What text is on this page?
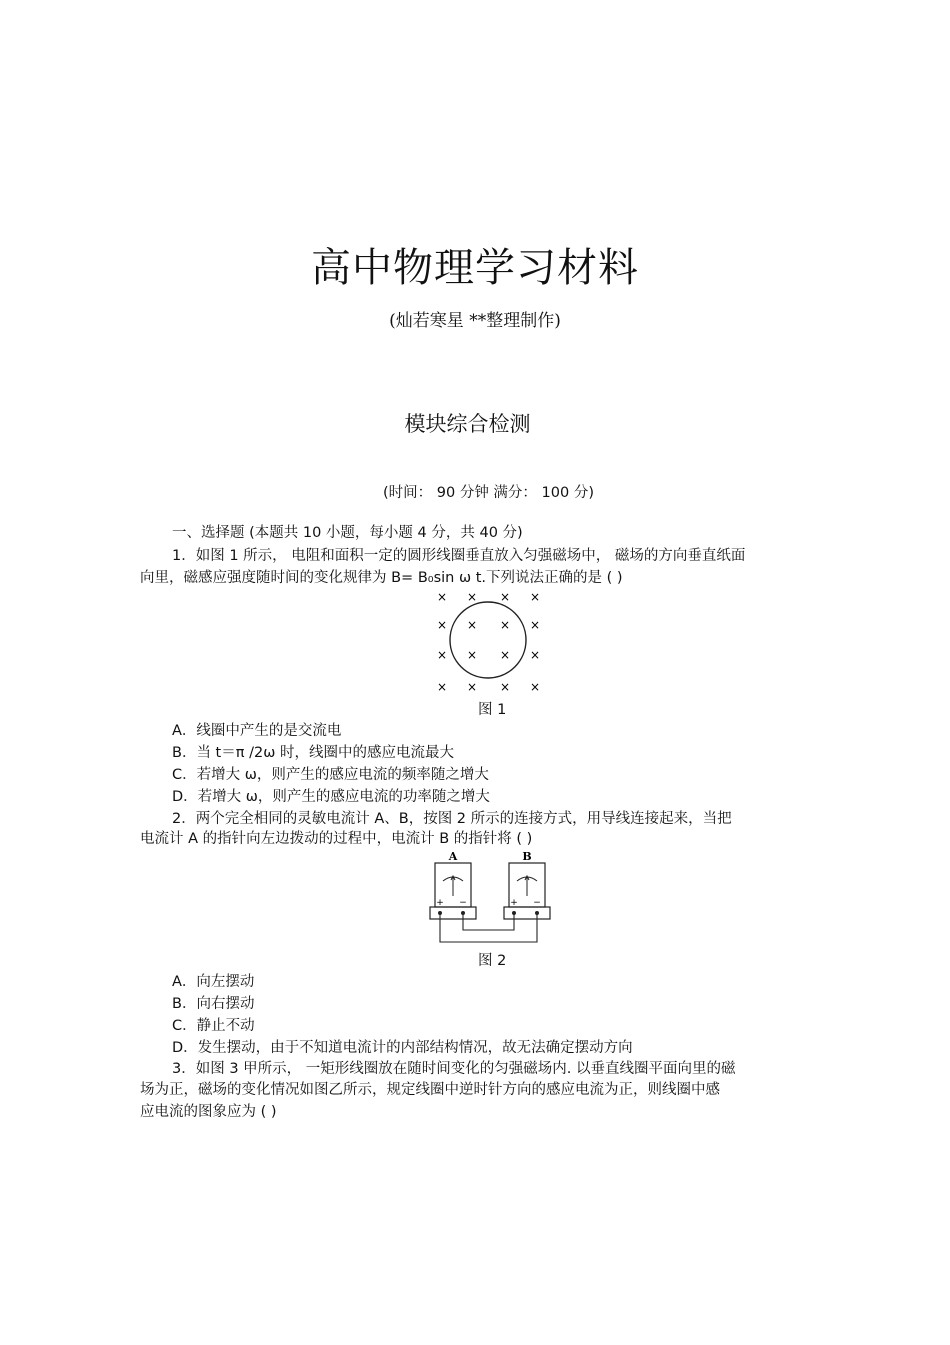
高中物理学习材料
(灿若寒星 **整理制作)
模块综合检测
(时间： 90 分钟 满分： 100 分)
一、选择题 (本题共 10 小题，每小题 4 分，共 40 分)
1．如图 1 所示， 电阻和面积一定的圆形线圈垂直放入匀强磁场中， 磁场的方向垂直纸面
向里，磁感应强度随时间的变化规律为 B= B₀sin ω t.下列说法正确的是 ( )
× × × ×
× × × ×
× × × ×
× × × ×
图 1
A．线圈中产生的是交流电
B．当 t＝π /2ω 时，线圈中的感应电流最大
C．若增大 ω，则产生的感应电流的频率随之增大
D．若增大 ω，则产生的感应电流的功率随之增大
2．两个完全相同的灵敏电流计 A、B，按图 2 所示的连接方式，用导线连接起来，当把
电流计 A 的指针向左边拨动的过程中，电流计 B 的指针将 ( )
A
+ −
B
+ −
图 2
A．向左摆动
B．向右摆动
C．静止不动
D．发生摆动，由于不知道电流计的内部结构情况，故无法确定摆动方向
3．如图 3 甲所示， 一矩形线圈放在随时间变化的匀强磁场内. 以垂直线圈平面向里的磁
场为正，磁场的变化情况如图乙所示，规定线圈中逆时针方向的感应电流为正，则线圈中感
应电流的图象应为 ( )
